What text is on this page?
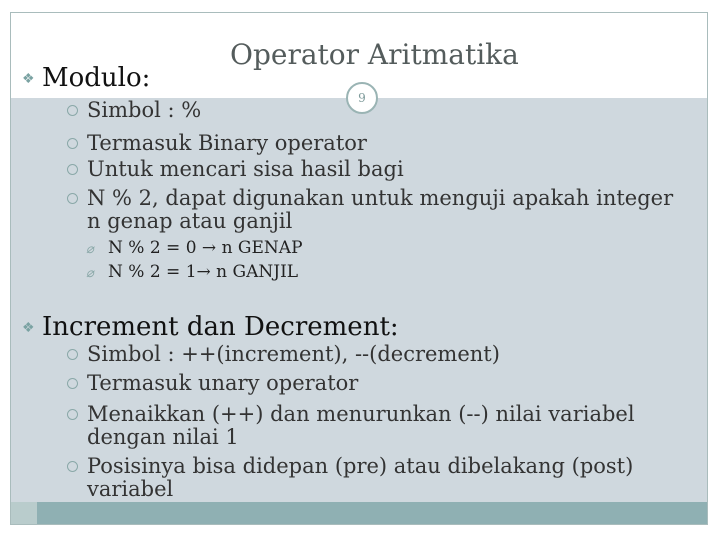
Operator Aritmatika
9
❖ Modulo:
Simbol : %
Termasuk Binary operator
Untuk mencari sisa hasil bagi
N % 2, dapat digunakan untuk menguji apakah integer n genap atau ganjil
⌀ N % 2 = 0 → n GENAP
⌀ N % 2 = 1→ n GANJIL
❖ Increment dan Decrement:
Simbol : ++(increment), --(decrement)
Termasuk unary operator
Menaikkan (++) dan menurunkan (--) nilai variabel dengan nilai 1
Posisinya bisa didepan (pre) atau dibelakang (post) variabel
